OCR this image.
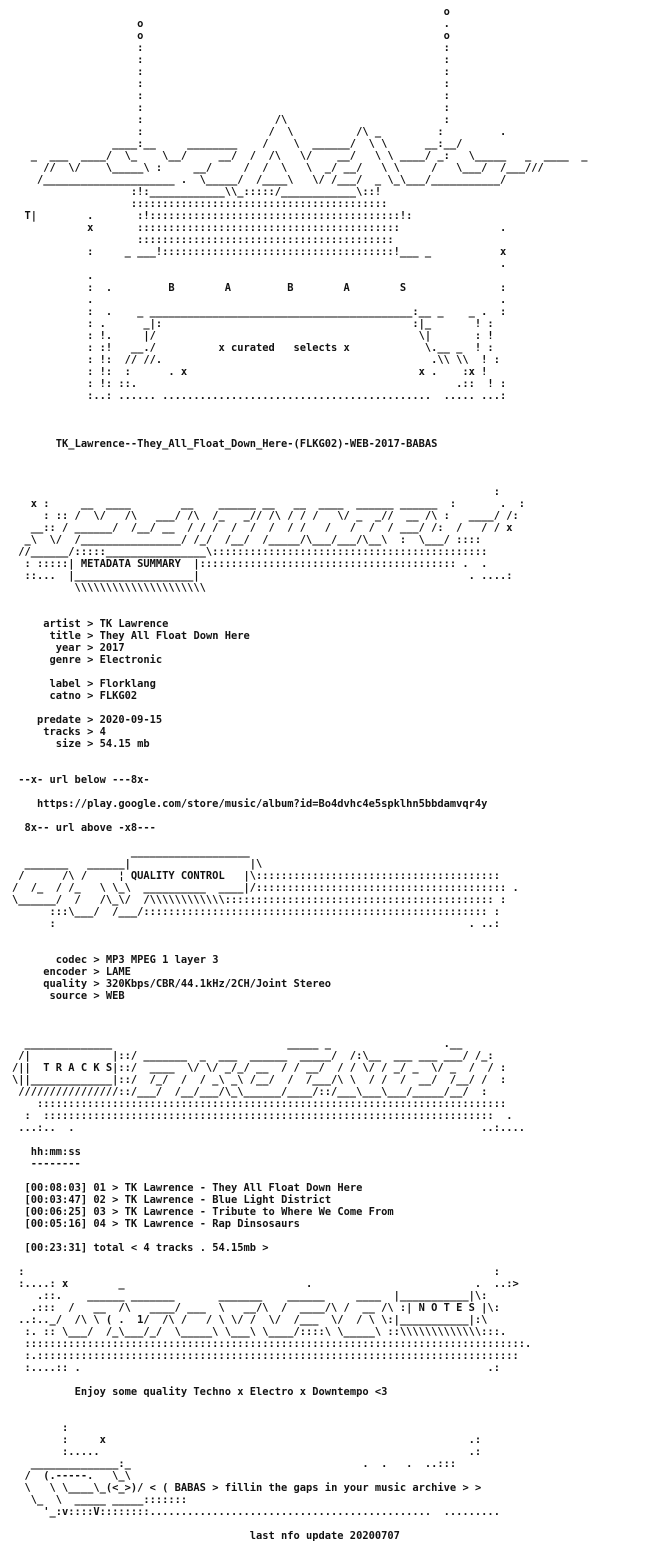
o
o                                                .
o                                                o
:                                                :
:                                                :
:                                                :
:                                                :
:                                                :
:                                                :
:                     /\                         :
:                    /  \          /\ _         :         .
____:__     ________    /    \  ______/  \ \      __:__/
_  ___  ____/  \_    \__/     __/  /  /\   \/    __/   \ \ ____/ _:   \_____   _  ____  _
//  \/    \_____\ :     __/     /  /  \   \  _/ __/   \ \     /   \___/  /___///
/_____________________ .  \_____/  /____\   \/ /___/  _ \_\___/___________/
:!:____________\\_:::::/____________\::!
:::::::::::::::::::::::::::::::::::::::::
T|        .       :!::::::::::::::::::::::::::::::::::::::::!:
x       ::::::::::::::::::::::::::::::::::::::::::                .
:::::::::::::::::::::::::::::::::::::::::
:     _ ___!:::::::::::::::::::::::::::::::::::::!___ _           x
.
.
:  .         B        A         B        A        S               :
.                                                                 .
:  .    _ __________________________________________:__ _    _ .  :
: .      _|:                                        :|_       ! :
: !.     |/                                          \|       : !
: :!   __./          x curated   selects x            \.__ _  ! :
: !:  // //.                                           .\\ \\  ! :
: !:  :      . x                                     x .    :x !
: !: ::.                                                   .::  ! :
:..: ...... ...........................................  ..... ...:

TK_Lawrence--They_All_Float_Down_Here-(FLKG02)-WEB-2017-BABAS

:
x :     __  ____        __    ______ __   __  ____  ______ ______  :       .  :
: :: /  \/   /\   ___/ /\  /_   _// /\ / / /   \/ _  _//  __ /\ :   ____/ /:
__:: / ______/  /__/ __  / / /  /  /  /  / /   /   /  /  / ___/ /:  /   / / x
_\  \/  /________________/ /_/  /__/  /_____/\___/___/\__\  :  \___/ ::::
//______/:::::________________\::::::::::::::::::::::::::::::::::::::::::::
: :::::| METADATA SUMMARY  |::::::::::::::::::::::::::::::::::::::::: .  .
::...  |___________________|                                           . ....:
\\\\\\\\\\\\\\\\\\\\\

artist > TK Lawrence
title > They All Float Down Here
year > 2017
genre > Electronic

label > Florklang
catno > FLKG02

predate > 2020-09-15
tracks > 4
size > 54.15 mb

--x- url below ---8x-

https://play.google.com/store/music/album?id=Bo4dvhc4e5spklhn5bbdamvqr4y

8x-- url above -x8---

___________________
_______   ______|                   |\
/      /\ /     ¦ QUALITY CONTROL   |\:::::::::::::::::::::::::::::::::::::::
/  /_  / /_   \ \_\  __________  ____|/:::::::::::::::::::::::::::::::::::::::: .
\______/  /   /\_\/  /\\\\\\\\\\\\::::::::::::::::::::::::::::::::::::::::::: :
:::\___/  /___/::::::::::::::::::::::::::::::::::::::::::::::::::::::: :
:                                                                  . ..:

codec > MP3 MPEG 1 layer 3
encoder > LAME
quality > 320Kbps/CBR/44.1kHz/2CH/Joint Stereo
source > WEB

______________                            _____ _                  .__
/|             |::/ _______  _  ___  ______  _____/  /:\__  ___ ___ ___/ /_:
/||  T R A C K S|::/  ____  \/ \/ _/_/ __  / / __/  / / \/ / _/ _  \/ _  /  / :
\||_____________|::/  /_/  /  / _\ _\ /__/  /  /___/\ \  / /  /  __/  /__/ /  :
////////////////::/___/  /__/___/\_\______/____/::/___\___\___/_____/__/  :
:::::::::::::::::::::::::::::::::::::::::::::::::::::::::::::::::::::::::::
:  ::::::::::::::::::::::::::::::::::::::::::::::::::::::::::::::::::::::::  .
...:..  .                                                                 ..:....

hh:mm:ss
--------

[00:08:03] 01 > TK Lawrence - They All Float Down Here
[00:03:47] 02 > TK Lawrence - Blue Light District
[00:06:25] 03 > TK Lawrence - Tribute to Where We Come From
[00:05:16] 04 > TK Lawrence - Rap Dinsosaurs

[00:23:31] total < 4 tracks . 54.15mb >

:                                                                           :
:....: x        _                             .                          .  ..:>
.::.    ______ _______       _______    ______     ____  |___________|\:
.:::  /   __  /\   ____/ ___  \   __/\  /  ____/\ /  __ /\ :| N O T E S |\:
..:.._/  /\ \ ( .  1/  /\ /   / \ \/ /  \/  /___  \/  / \ \:|___________|:\
:. :: \___/  /_\___/_/  \_____\ \___\ \____/::::\ \_____\ ::\\\\\\\\\\\\\:::.
::::::::::::::::::::::::::::::::::::::::::::::::::::::::::::::::::::::::::::::::.
:.:::::::::::::::::::::::::::::::::::::::::::::::::::::::::::::::::::::::::::::
:....:: .                                                                 .:

Enjoy some quality Techno x Electro x Downtempo <3

:
:     x                                                          .:
:.....                                                           .:
______________:_                                     .  .   .  ..:::
/  (.-----.   \_\
\   \ \____\_(<_>)/ < ( BABAS > fillin the gaps in your music archive > >
\_  \  _____ _____:::::::
'_:v::::V::::::::.............................................  .........

last nfo update 20200707
